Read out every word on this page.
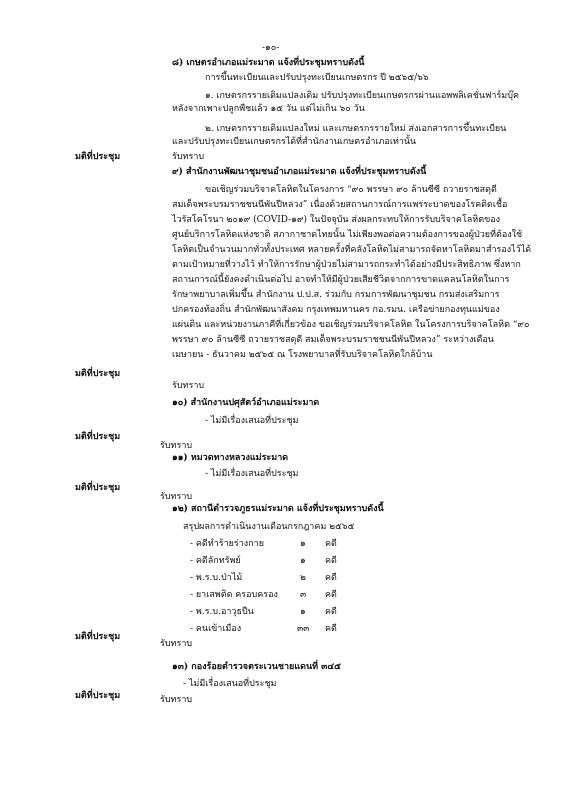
-๑๐-
๘) เกษตรอำเภอแม่ระมาด แจ้งที่ประชุมทราบดังนี้
การขึ้นทะเบียนและปรับปรุงทะเบียนเกษตรกร ปี ๒๕๖๕/๖๖
๑. เกษตรกรรายเดิมแปลงเดิม ปรับปรุงทะเบียนเกษตรกรผ่านแอพพลิเคชั่นฟาร์มบุ๊ค
หลังจากเพาะปลูกพืชแล้ว ๑๕ วัน แต่ไม่เกิน ๖๐ วัน
๒. เกษตรกรรายเดิมแปลงใหม่ และเกษตรกรรายใหม่ ส่งเอกสารการขึ้นทะเบียน
และปรับปรุงทะเบียนเกษตรกรได้ที่สำนักงานเกษตรอำเภอเท่านั้น
มติที่ประชุม	รับทราบ
๙) สำนักงานพัฒนาชุมชนอำเภอแม่ระมาด แจ้งที่ประชุมทราบดังนี้
ขอเชิญร่วมบริจาคโลหิตในโครงการ “๙๐ พรรษา ๙๐ ล้านซีซี ถวายราชสดุดี
สมเด็จพระบรมราชชนนีพันปีหลวง” เนื่องด้วยสถานการณ์การแพร่ระบาดของโรคติดเชื้อ
ไวรัสโคโรนา ๒๐๑๙ (COVID-๑๙) ในปัจจุบัน ส่งผลกระทบให้การรับบริจาคโลหิตของ
ศูนย์บริการโลหิตแห่งชาติ สภากาชาดไทยนั้น ไม่เพียงพอต่อความต้องการของผู้ป่วยที่ต้องใช้
โลหิตเป็นจำนวนมากทั่วทั้งประเทศ หลายครั้งที่คลังโลหิตไม่สามารถจัดหาโลหิตมาสำรองไว้ได้
ตามเป้าหมายที่วางไว้ ทำให้การรักษาผู้ป่วยไม่สามารถกระทำได้อย่างมีประสิทธิภาพ ซึ่งหาก
สถานการณ์นี้ยังคงดำเนินต่อไป อาจทำให้มีผู้ป่วยเสียชีวิตจากการขาดแคลนโลหิตในการ
รักษาพยาบาลเพิ่มขึ้น สำนักงาน ป.ป.ส. ร่วมกับ กรมการพัฒนาชุมชน กรมส่งเสริมการ
ปกครองท้องถิ่น สำนักพัฒนาสังคม กรุงเทพมหานคร กอ.รมน. เครือข่ายกองทุนแม่ของ
แผ่นดิน และหน่วยงานภาคีที่เกี่ยวข้อง ขอเชิญร่วมบริจาคโลหิต ในโครงการบริจาคโลหิต “๙๐
พรรษา ๙๐ ล้านซีซี ถวายราชสดุดี สมเด็จพระบรมราชชนนีพันปีหลวง” ระหว่างเดือน
เมษายน - ธันวาคม ๒๕๖๕ ณ โรงพยาบาลที่รับบริจาคโลหิตใกล้บ้าน
มติที่ประชุม
รับทราบ
๑๐) สำนักงานปศุสัตว์อำเภอแม่ระมาด
- ไม่มีเรื่องเสนอที่ประชุม
มติที่ประชุม
รับทราบ
๑๑) หมวดทางหลวงแม่ระมาด
- ไม่มีเรื่องเสนอที่ประชุม
มติที่ประชุม
รับทราบ
๑๒) สถานีตำรวจภูธรแม่ระมาด แจ้งที่ประชุมทราบดังนี้
สรุปผลการดำเนินงานเดือนกรกฎาคม ๒๕๖๕
- คดีทำร้ายร่างกาย	๑ คดี
- คดีลักทรัพย์	๑ คดี
- พ.ร.บ.ป่าไม้	๒ คดี
- ยาเสพติด ครอบครอง ๓ คดี
- พ.ร.บ.อาวุธปืน	๑ คดี
- คนเข้าเมือง	๓๓ คดี
มติที่ประชุม
รับทราบ
๑๓) กองร้อยตำรวจตระเวนชายแดนที่ ๓๔๕
- ไม่มีเรื่องเสนอที่ประชุม
มติที่ประชุม	รับทราบ
